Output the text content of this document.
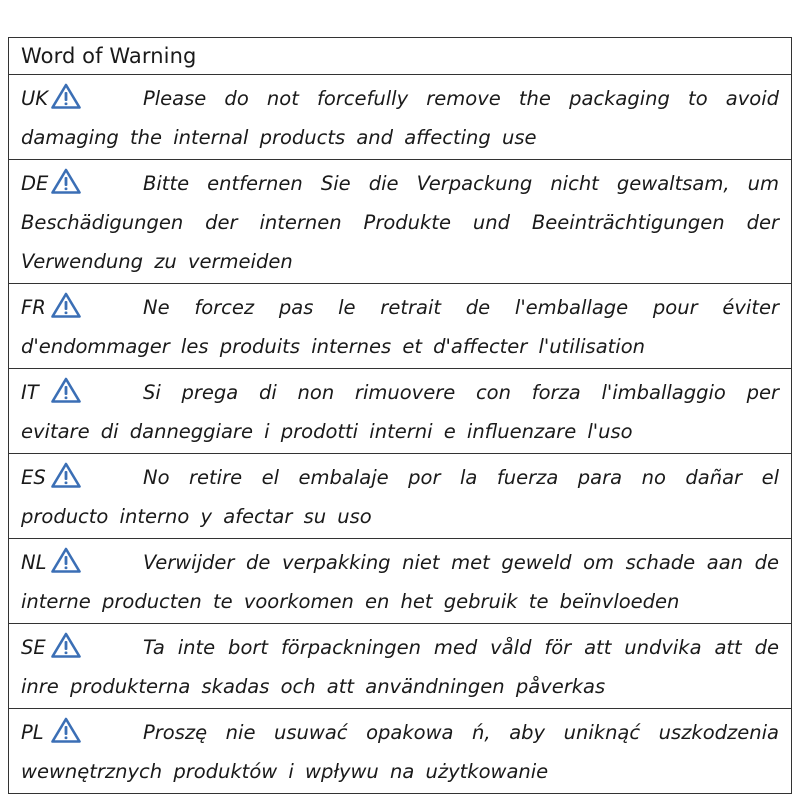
Word of Warning
UK	Please do not forcefully remove the packaging to avoid damaging the internal products and affecting use
DE	Bitte entfernen Sie die Verpackung nicht gewaltsam, um Beschädigungen der internen Produkte und Beeinträchtigungen der Verwendung zu vermeiden
FR	Ne forcez pas le retrait de l'emballage pour éviter d'endommager les produits internes et d'affecter l'utilisation
IT	Si prega di non rimuovere con forza l'imballaggio per evitare di danneggiare i prodotti interni e influenzare l'uso
ES	No retire el embalaje por la fuerza para no dañar el producto interno y afectar su uso
NL	Verwijder de verpakking niet met geweld om schade aan de interne producten te voorkomen en het gebruik te beïnvloeden
SE	Ta inte bort förpackningen med våld för att undvika att de inre produkterna skadas och att användningen påverkas
PL	Proszę nie usuwać opakowa ń, aby uniknąć uszkodzenia wewnętrznych produktów i wpływu na użytkowanie
